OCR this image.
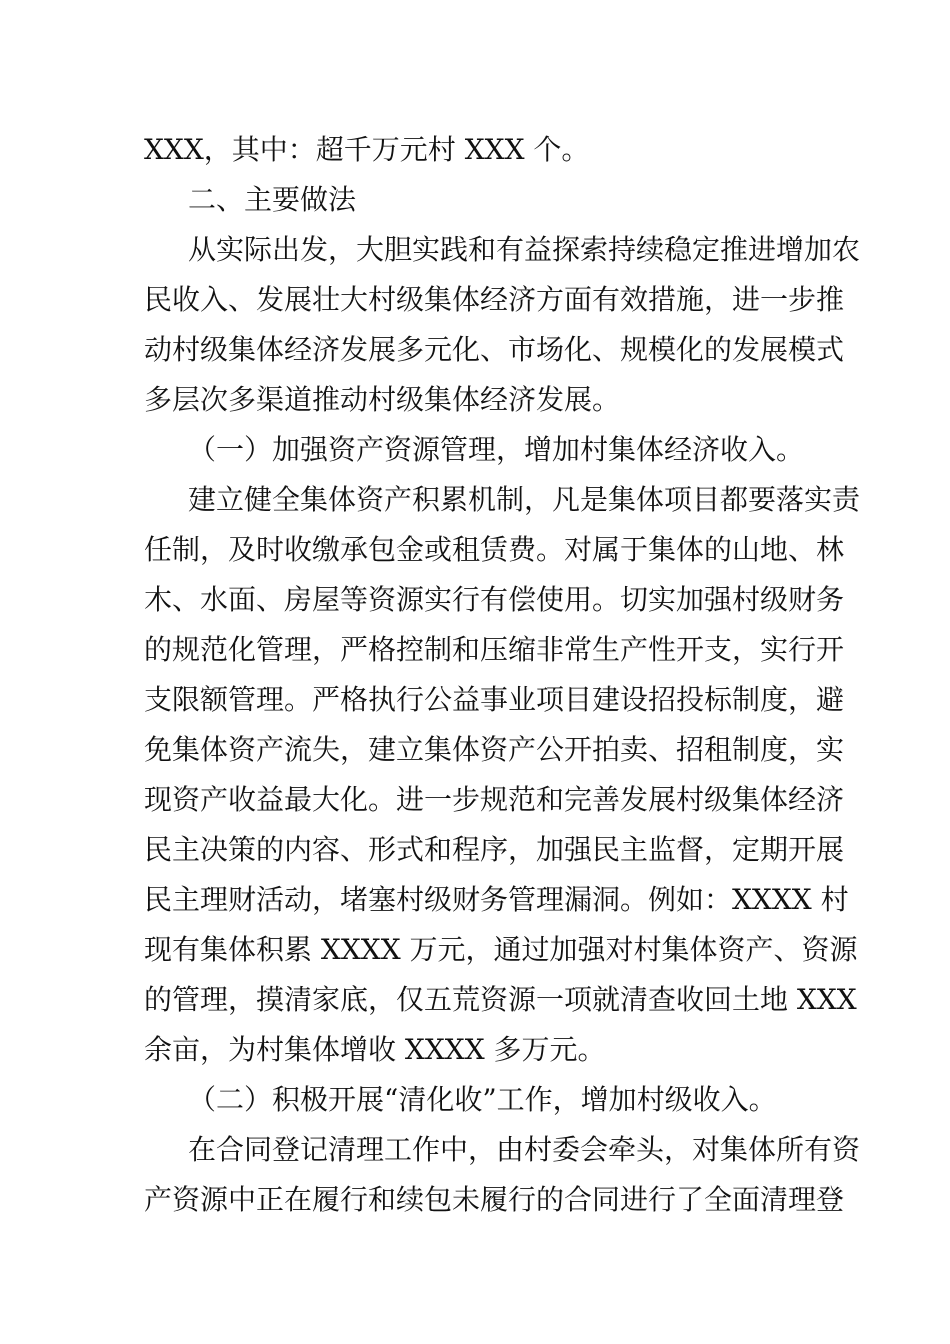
XXX，其中：超千万元村 XXX 个。
二、主要做法
从实际出发，大胆实践和有益探索持续稳定推进增加农
民收入、发展壮大村级集体经济方面有效措施，进一步推
动村级集体经济发展多元化、市场化、规模化的发展模式
多层次多渠道推动村级集体经济发展。
（一）加强资产资源管理，增加村集体经济收入。
建立健全集体资产积累机制，凡是集体项目都要落实责
任制，及时收缴承包金或租赁费。对属于集体的山地、林
木、水面、房屋等资源实行有偿使用。切实加强村级财务
的规范化管理，严格控制和压缩非常生产性开支，实行开
支限额管理。严格执行公益事业项目建设招投标制度，避
免集体资产流失，建立集体资产公开拍卖、招租制度，实
现资产收益最大化。进一步规范和完善发展村级集体经济
民主决策的内容、形式和程序，加强民主监督，定期开展
民主理财活动，堵塞村级财务管理漏洞。例如：XXXX 村
现有集体积累 XXXX 万元，通过加强对村集体资产、资源
的管理，摸清家底，仅五荒资源一项就清查收回土地 XXX
余亩，为村集体增收 XXXX 多万元。
（二）积极开展“清化收”工作，增加村级收入。
在合同登记清理工作中，由村委会牵头，对集体所有资
产资源中正在履行和续包未履行的合同进行了全面清理登
